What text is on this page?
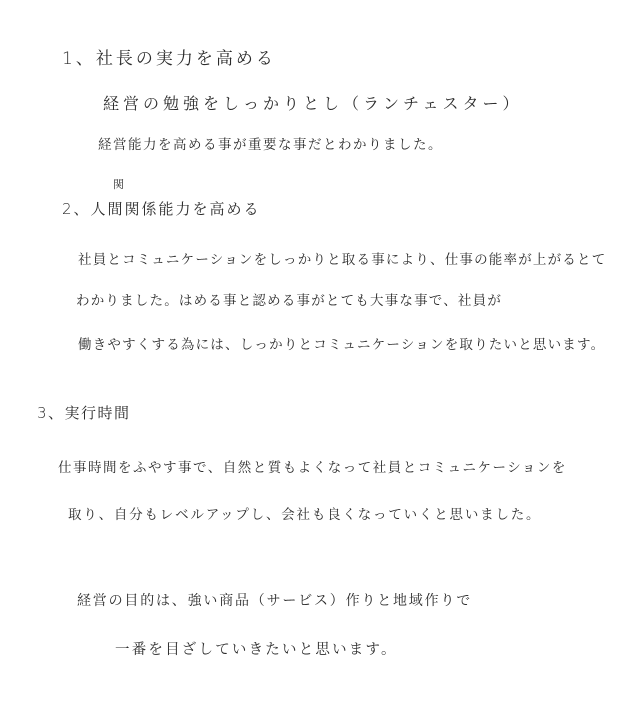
1、社長の実力を高める
経営の勉強をしっかりとし（ランチェスター）
経営能力を高める事が重要な事だとわかりました。
関
2、人間関係能力を高める
社員とコミュニケーションをしっかりと取る事により、仕事の能率が上がるとて
わかりました。はめる事と認める事がとても大事な事で、社員が
働きやすくする為には、しっかりとコミュニケーションを取りたいと思います。
3、実行時間
仕事時間をふやす事で、自然と質もよくなって社員とコミュニケーションを
取り、自分もレベルアップし、会社も良くなっていくと思いました。
経営の目的は、強い商品（サービス）作りと地域作りで
一番を目ざしていきたいと思います。
